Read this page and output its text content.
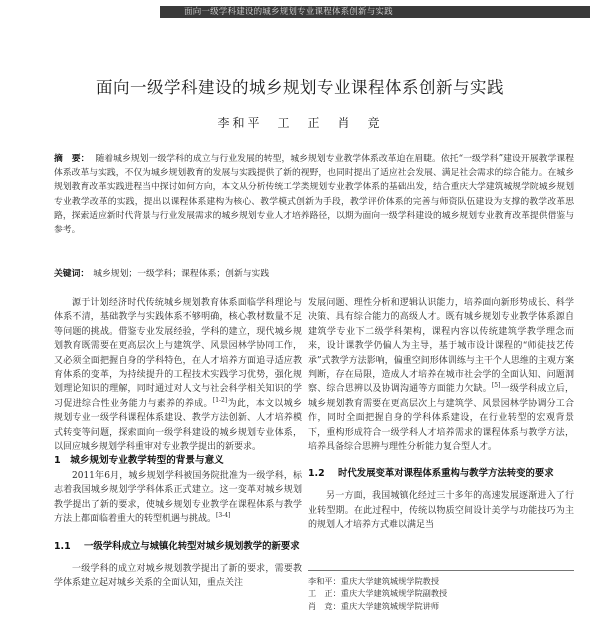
面向一级学科建设的城乡规划专业课程体系创新与实践
面向一级学科建设的城乡规划专业课程体系创新与实践
李和平　工　正　肖　竞
摘　要： 随着城乡规划一级学科的成立与行业发展的转型，城乡规划专业教学体系改革迫在眉睫。依托“一级学科”建设开展教学课程体系改革与实践，不仅为城乡规划教育的发展与实践提供了新的视野，也同时提出了适应社会发展、满足社会需求的综合能力。在城乡规划教育改革实践进程当中探讨如何方向，本文从分析传统工学类规划专业教学体系的基础出发，结合重庆大学建筑城规学院城乡规划专业教学改革的实践，提出以课程体系建构为核心、教学模式创新为手段，教学评价体系的完善与师资队伍建设为支撑的教学改革思路，探索适应新时代背景与行业发展需求的城乡规划专业人才培养路径，以期为面向一级学科建设的城乡规划专业教育改革提供借鉴与参考。
关键词： 城乡规划；一级学科；课程体系；创新与实践

源于计划经济时代传统城乡规划教育体系面临学科理论与体系不清，基础教学与实践体系不够明确，核心教材数量不足等问题的挑战。借鉴专业发展经验，学科的建立，现代城乡规划教育既需要在更高层次上与建筑学、风景园林学协同工作，又必须全面把握自身的学科特色，在人才培养方面追寻适应教育体系的变革，为持续提升的工程技术实践学习优势，强化规划理论知识的理解，同时通过对人文与社会科学相关知识的学习促进综合性业务能力与素养的养成。[1-2]为此，本文以城乡规划专业一级学科课程体系建设、教学方法创新、人才培养模式转变等问题，探索面向一级学科建设的城乡规划专业体系，以回应城乡规划学科重审对专业教学提出的新要求。

1　城乡规划专业教学转型的背景与意义

2011年6月，城乡规划学科被国务院批准为一级学科，标志着我国城乡规划学学科体系正式建立。这一变革对城乡规划教学提出了新的要求，使城乡规划专业教学在课程体系与教学方法上都面临着重大的转型机遇与挑战。[3-4]

1.1	一级学科成立与城镇化转型对城乡规划教学的新要求

一级学科的成立对城乡规划教学提出了新的要求，需要教学体系建立起对城乡关系的全面认知，重点关注

发展问题、理性分析和逻辑认识能力，培养面向新形势成长、科学决策、具有综合能力的高级人才。既有城乡规划专业教学体系源自建筑学专业下二级学科架构，课程内容以传统建筑学教学理念而来，设计课教学仍偏人为主导，基于城市设计课程的“师徒技艺传承”式教学方法影响，偏重空间形体训练与主干个人思维的主观方案判断，存在局限，造成人才培养在城市社会学的全面认知、问题洞察、综合思辨以及协调沟通等方面能力欠缺。[5]一级学科成立后，城乡规划教育需要在更高层次上与建筑学、风景园林学协调分工合作，同时全面把握自身的学科体系建设，在行业转型的宏观背景下，重构形成符合一级学科人才培养需求的课程体系与教学方法，培养具备综合思辨与理性分析能力复合型人才。

1.2	时代发展变革对课程体系重构与教学方法转变的要求

另一方面，我国城镇化经过三十多年的高速发展逐渐进入了行业转型期。在此过程中，传统以物质空间设计美学与功能技巧为主的规划人才培养方式难以满足当

李和平：重庆大学建筑城规学院教授
工　正：重庆大学建筑城规学院副教授
肖　竞：重庆大学建筑城规学院讲师
